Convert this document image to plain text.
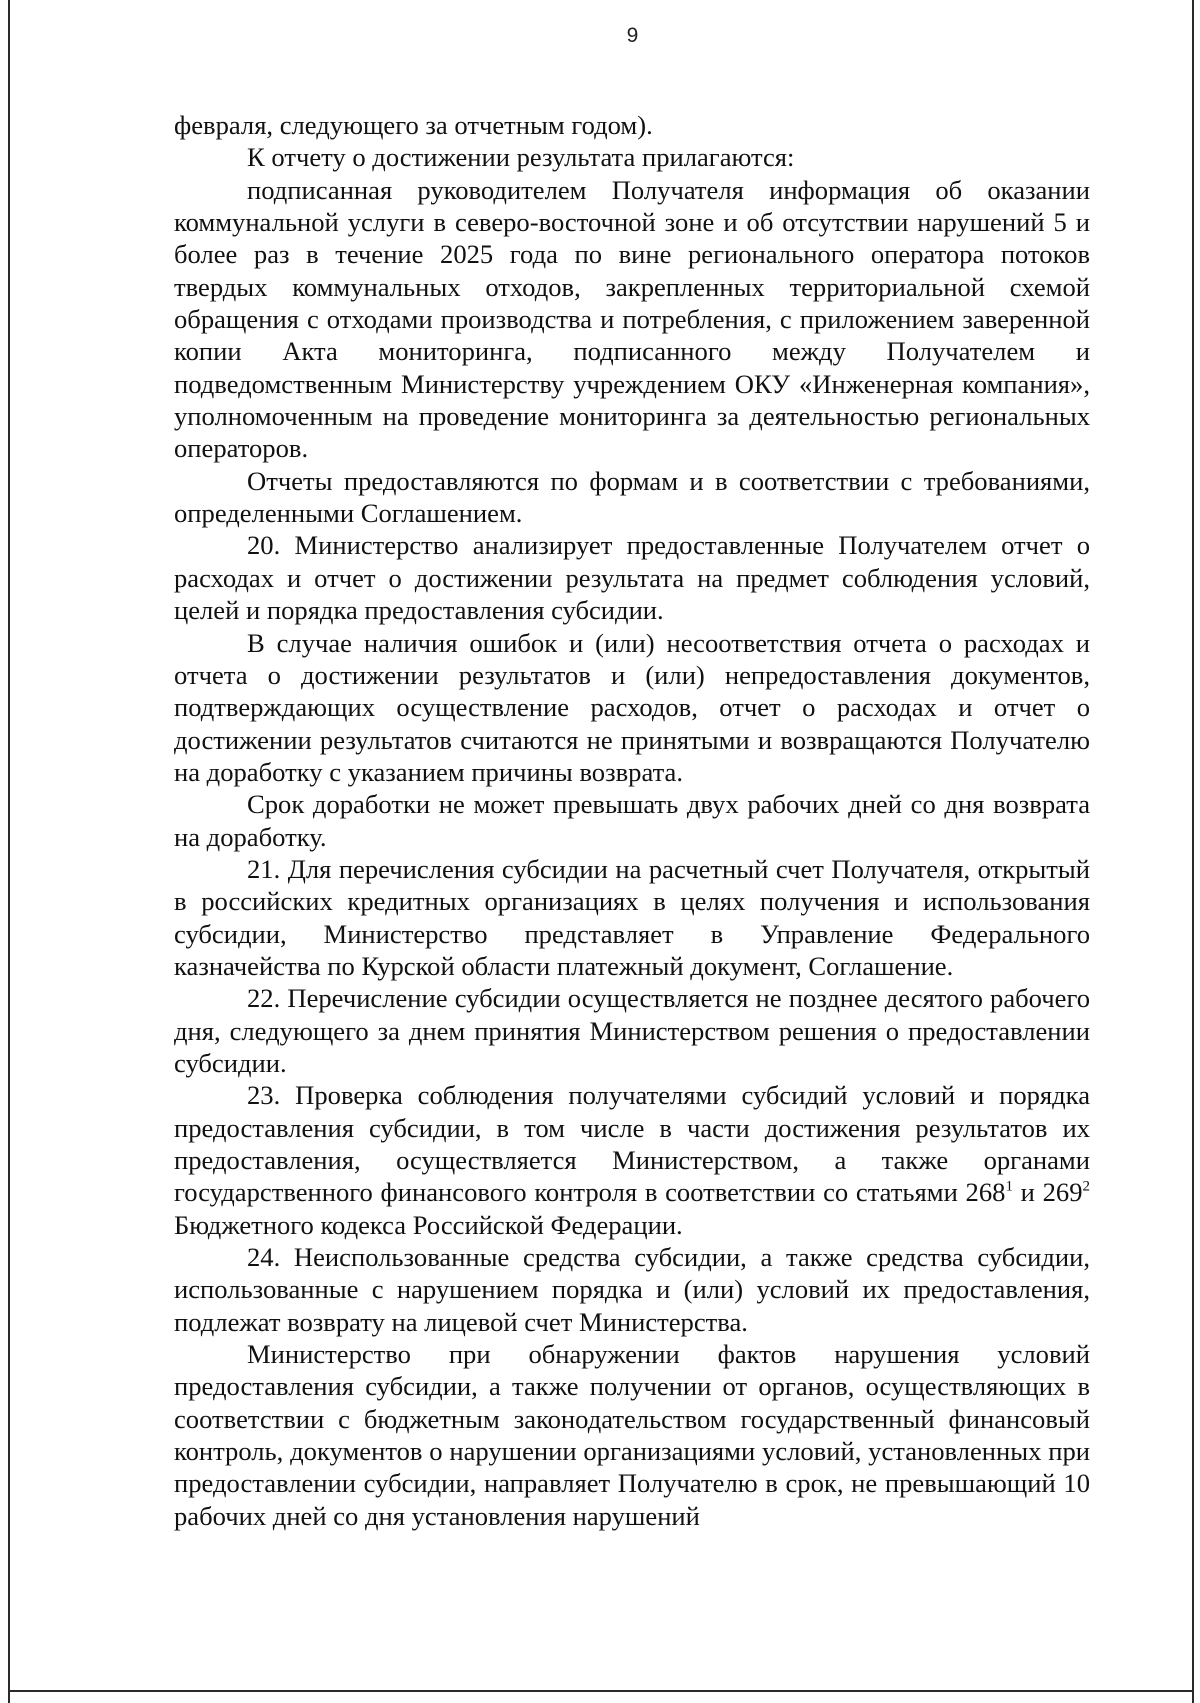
9

февраля, следующего за отчетным годом).

К отчету о достижении результата прилагаются:

подписанная руководителем Получателя информация об оказании коммунальной услуги в северо-восточной зоне и об отсутствии нарушений 5 и более раз в течение 2025 года по вине регионального оператора потоков твердых коммунальных отходов, закрепленных территориальной схемой обращения с отходами производства и потребления, с приложением заверенной копии Акта мониторинга, подписанного между Получателем и подведомственным Министерству учреждением ОКУ «Инженерная компания», уполномоченным на проведение мониторинга за деятельностью региональных операторов.

Отчеты предоставляются по формам и в соответствии с требованиями, определенными Соглашением.

20. Министерство анализирует предоставленные Получателем отчет о расходах и отчет о достижении результата на предмет соблюдения условий, целей и порядка предоставления субсидии.

В случае наличия ошибок и (или) несоответствия отчета о расходах и отчета о достижении результатов и (или) непредоставления документов, подтверждающих осуществление расходов, отчет о расходах и отчет о достижении результатов считаются не принятыми и возвращаются Получателю на доработку с указанием причины возврата.

Срок доработки не может превышать двух рабочих дней со дня возврата на доработку.

21. Для перечисления субсидии на расчетный счет Получателя, открытый в российских кредитных организациях в целях получения и использования субсидии, Министерство представляет в Управление Федерального казначейства по Курской области платежный документ, Соглашение.

22. Перечисление субсидии осуществляется не позднее десятого рабочего дня, следующего за днем принятия Министерством решения о предоставлении субсидии.

23. Проверка соблюдения получателями субсидий условий и порядка предоставления субсидии, в том числе в части достижения результатов их предоставления, осуществляется Министерством, а также органами государственного финансового контроля в соответствии со статьями $268^1$ и $269^2$ Бюджетного кодекса Российской Федерации.

24. Неиспользованные средства субсидии, а также средства субсидии, использованные с нарушением порядка и (или) условий их предоставления, подлежат возврату на лицевой счет Министерства.

Министерство при обнаружении фактов нарушения условий предоставления субсидии, а также получении от органов, осуществляющих в соответствии с бюджетным законодательством государственный финансовый контроль, документов о нарушении организациями условий, установленных при предоставлении субсидии, направляет Получателю в срок, не превышающий 10 рабочих дней со дня установления нарушений
